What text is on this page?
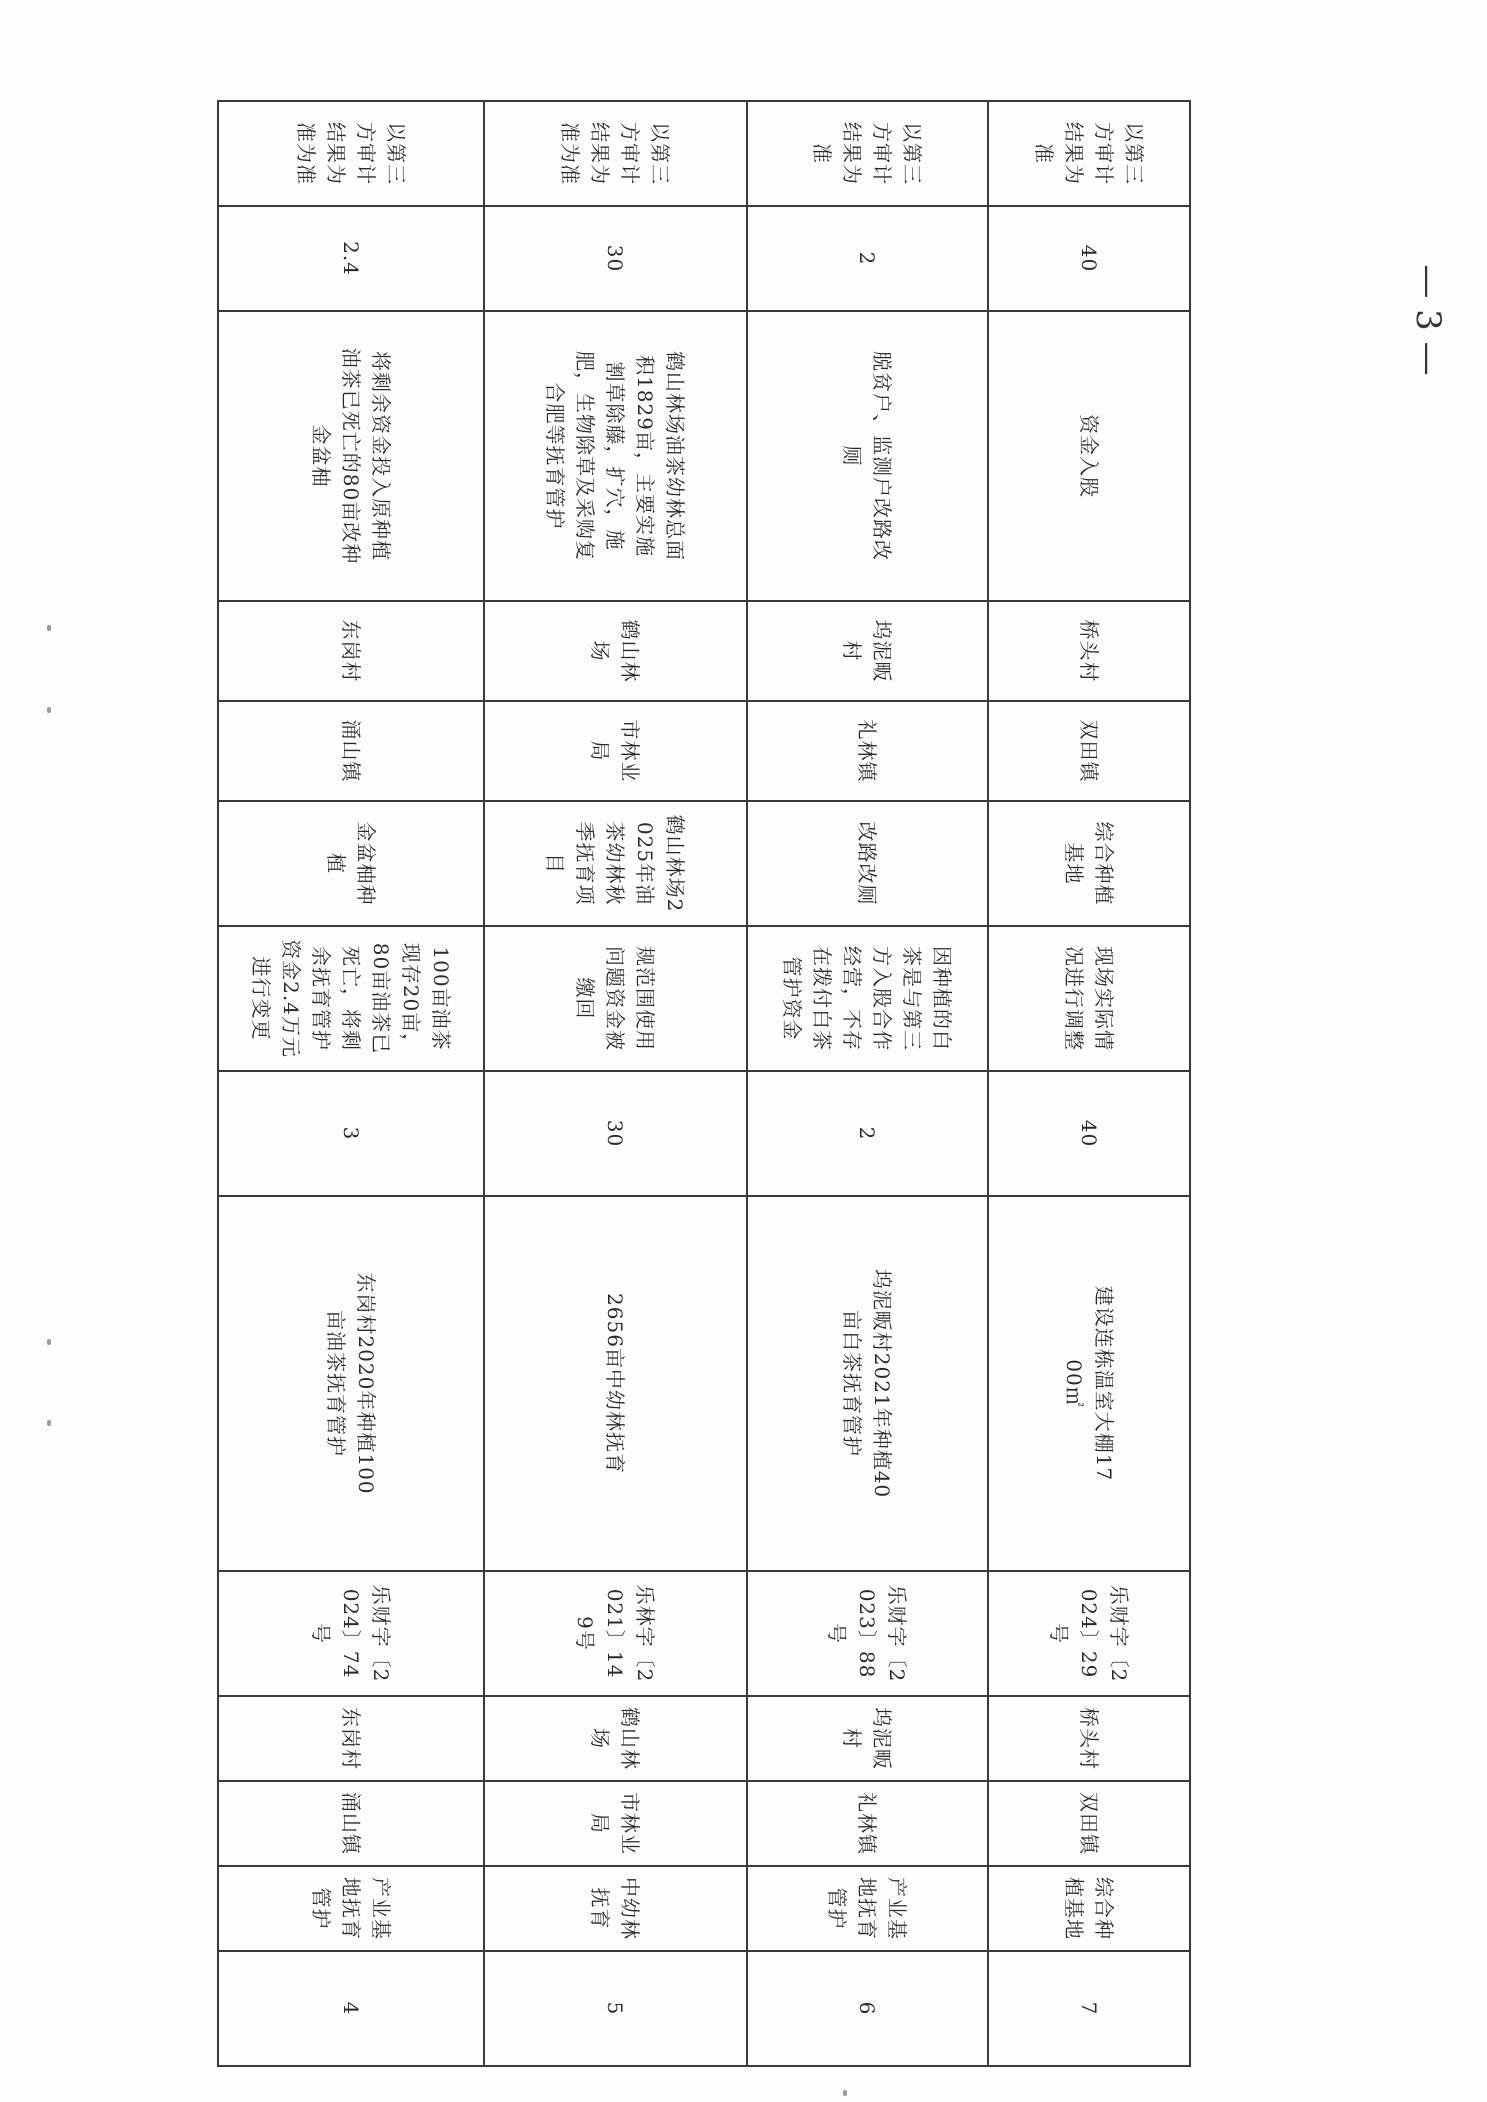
以第三方审计结果为准	40	资金入股	桥头村	双田镇	综合种植基地	现场实际情况进行调整	40	建设连栋温室大棚1700㎡	乐财字〔2024〕29号	桥头村	双田镇	综合种植基地	7
以第三方审计结果为准	2	脱贫户、监测户改路改厕	坞泥畈村	礼林镇	改路改厕	因种植的白茶是与第三方入股合作经营，不存在拨付白茶管护资金	2	坞泥畈村2021年种植40亩白茶抚育管护	乐财字〔2023〕88号	坞泥畈村	礼林镇	产业基地抚育管护	6
以第三方审计结果为准为准	30	鹤山林场油茶幼林总面积1829亩，主要实施割草除藤，扩穴，施肥，生物除草及采购复合肥等抚育管护	鹤山林场	市林业局	鹤山林场2025年油茶幼林秋季抚育项目	规范围使用问题资金被缴回	30	2656亩中幼林抚育	乐林字〔2021〕149号	鹤山林场	市林业局	中幼林抚育	5
以第三方审计结果为准为准	2.4	将剩余资金投入原种植油茶已死亡的80亩改种金盆柚	东岗村	涌山镇	金盆柚种植	100亩油茶现存20亩，80亩油茶已死亡，将剩余抚育管护资金2.4万元进行变更	3	东岗村2020年种植100亩油茶抚育管护	乐财字〔2024〕74号	东岗村	涌山镇	产业基地抚育管护	4
— 3 —
